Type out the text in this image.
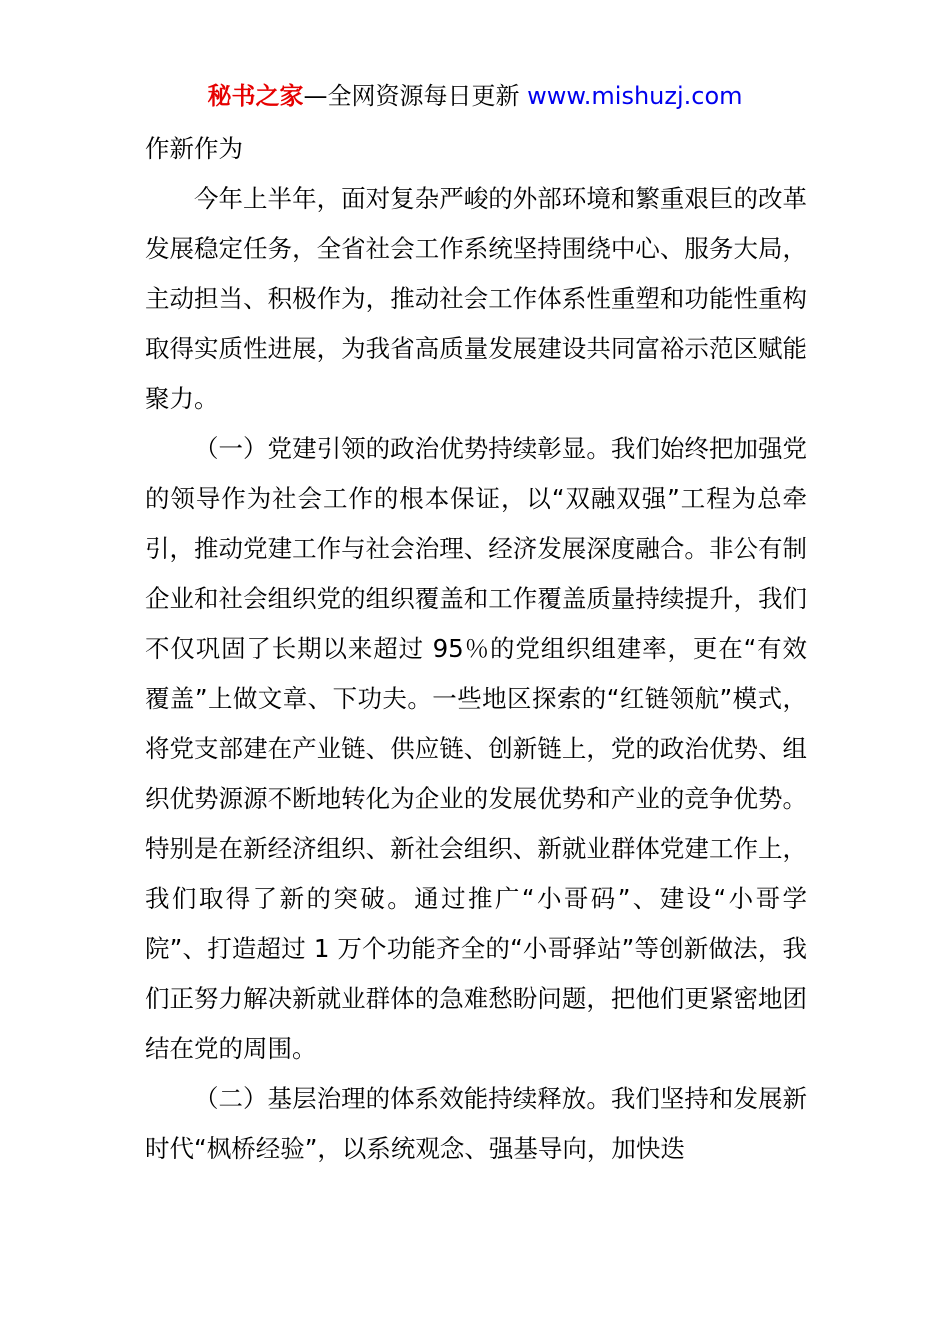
秘书之家—全网资源每日更新 www.mishuzj.com

作新作为

今年上半年，面对复杂严峻的外部环境和繁重艰巨的改革发展稳定任务，全省社会工作系统坚持围绕中心、服务大局，主动担当、积极作为，推动社会工作体系性重塑和功能性重构取得实质性进展，为我省高质量发展建设共同富裕示范区赋能聚力。

（一）党建引领的政治优势持续彰显。我们始终把加强党的领导作为社会工作的根本保证，以“双融双强”工程为总牵引，推动党建工作与社会治理、经济发展深度融合。非公有制企业和社会组织党的组织覆盖和工作覆盖质量持续提升，我们不仅巩固了长期以来超过 95％的党组织组建率，更在“有效覆盖”上做文章、下功夫。一些地区探索的“红链领航”模式，将党支部建在产业链、供应链、创新链上，党的政治优势、组织优势源源不断地转化为企业的发展优势和产业的竞争优势。特别是在新经济组织、新社会组织、新就业群体党建工作上，我们取得了新的突破。通过推广“小哥码”、建设“小哥学院”、打造超过 1 万个功能齐全的“小哥驿站”等创新做法，我们正努力解决新就业群体的急难愁盼问题，把他们更紧密地团结在党的周围。

（二）基层治理的体系效能持续释放。我们坚持和发展新时代“枫桥经验”，以系统观念、强基导向，加快迭
